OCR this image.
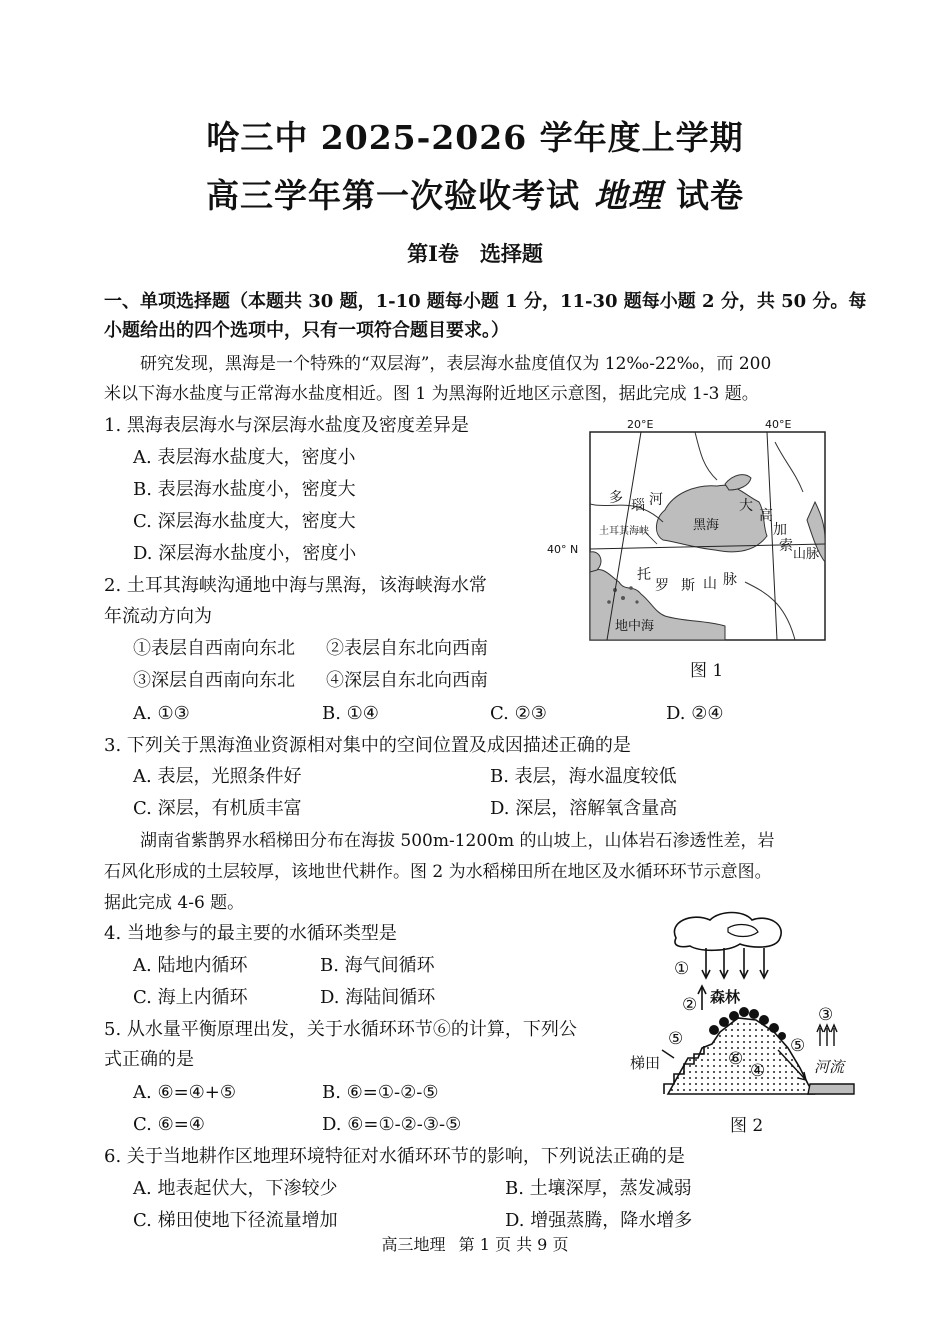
哈三中 2025-2026 学年度上学期
高三学年第一次验收考试 地理 试卷
第Ⅰ卷　选择题
一、单项选择题（本题共 30 题，1-10 题每小题 1 分，11-30 题每小题 2 分，共 50 分。每
小题给出的四个选项中，只有一项符合题目要求。）
研究发现，黑海是一个特殊的“双层海”，表层海水盐度值仅为 12‰-22‰，而 200
米以下海水盐度与正常海水盐度相近。图 1 为黑海附近地区示意图，据此完成 1-3 题。
1. 黑海表层海水与深层海水盐度及密度差异是
A. 表层海水盐度大，密度小
B. 表层海水盐度小，密度大
C. 深层海水盐度大，密度大
D. 深层海水盐度小，密度小
2. 土耳其海峡沟通地中海与黑海，该海峡海水常
年流动方向为
①表层自西南向东北 ②表层自东北向西南
③深层自西南向东北 ④深层自东北向西南
A. ①③	B. ①④	C. ②③	D. ②④
3. 下列关于黑海渔业资源相对集中的空间位置及成因描述正确的是
A. 表层，光照条件好	B. 表层，海水温度较低
C. 深层，有机质丰富	D. 深层，溶解氧含量高
湖南省紫鹊界水稻梯田分布在海拔 500m-1200m 的山坡上，山体岩石渗透性差，岩
石风化形成的土层较厚，该地世代耕作。图 2 为水稻梯田所在地区及水循环环节示意图。
据此完成 4-6 题。
4. 当地参与的最主要的水循环类型是
A. 陆地内循环	B. 海气间循环
C. 海上内循环	D. 海陆间循环
5. 从水量平衡原理出发，关于水循环环节⑥的计算，下列公
式正确的是
A. ⑥=④+⑤	B. ⑥=①-②-⑤
C. ⑥=④	D. ⑥=①-②-③-⑤
6. 关于当地耕作区地理环境特征对水循环环节的影响，下列说法正确的是
A. 地表起伏大，下渗较少	B. 土壤深厚，蒸发减弱
C. 梯田使地下径流量增加	D. 增强蒸腾，降水增多
20°E	40°E
40° N
多 瑙 河
土耳其海峡	黑海
大
高
加
索
山脉
托
罗 斯 山 脉
地中海
图 1
①
② 森林
③
⑤	⑤
⑥
④
梯田	河流
图 2
高三地理 第 1 页 共 9 页
